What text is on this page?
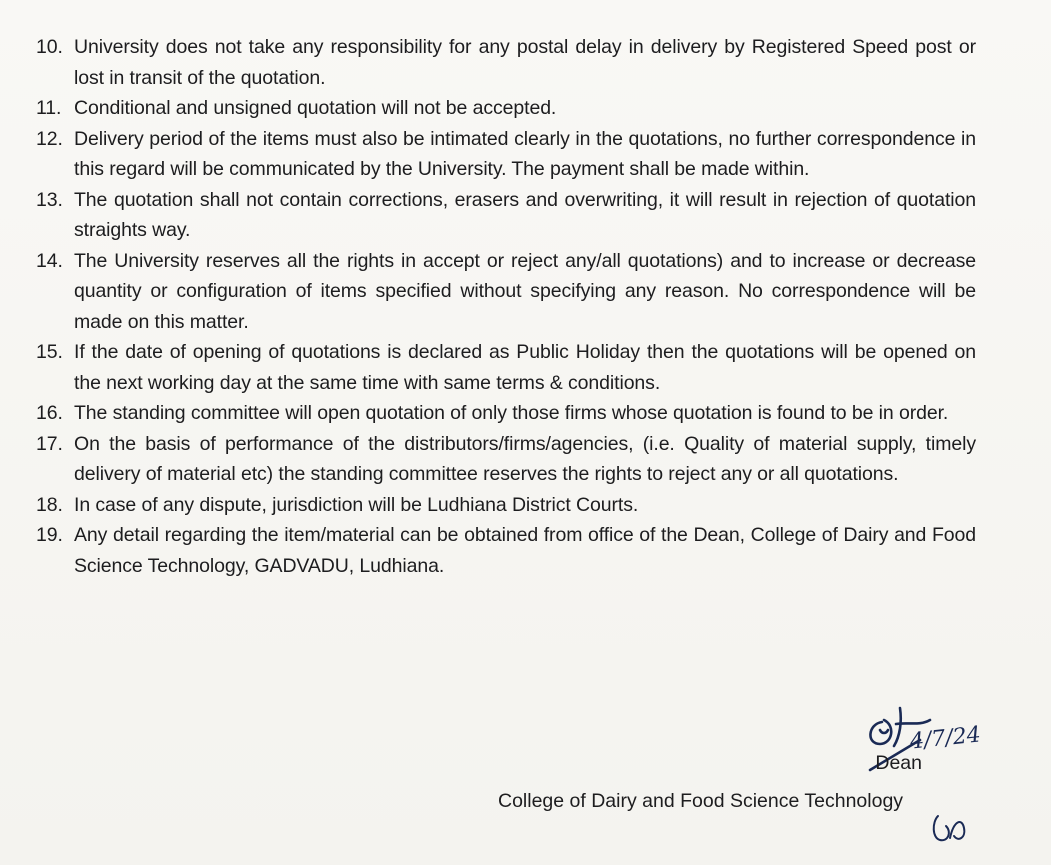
10. University does not take any responsibility for any postal delay in delivery by Registered Speed post or lost in transit of the quotation.
11. Conditional and unsigned quotation will not be accepted.
12. Delivery period of the items must also be intimated clearly in the quotations, no further correspondence in this regard will be communicated by the University. The payment shall be made within.
13. The quotation shall not contain corrections, erasers and overwriting, it will result in rejection of quotation straights way.
14. The University reserves all the rights in accept or reject any/all quotations) and to increase or decrease quantity or configuration of items specified without specifying any reason. No correspondence will be made on this matter.
15. If the date of opening of quotations is declared as Public Holiday then the quotations will be opened on the next working day at the same time with same terms & conditions.
16. The standing committee will open quotation of only those firms whose quotation is found to be in order.
17. On the basis of performance of the distributors/firms/agencies, (i.e. Quality of material supply, timely delivery of material etc) the standing committee reserves the rights to reject any or all quotations.
18. In case of any dispute, jurisdiction will be Ludhiana District Courts.
19. Any detail regarding the item/material can be obtained from office of the Dean, College of Dairy and Food Science Technology, GADVADU, Ludhiana.
4/7/24
Dean
College of Dairy and Food Science Technology
